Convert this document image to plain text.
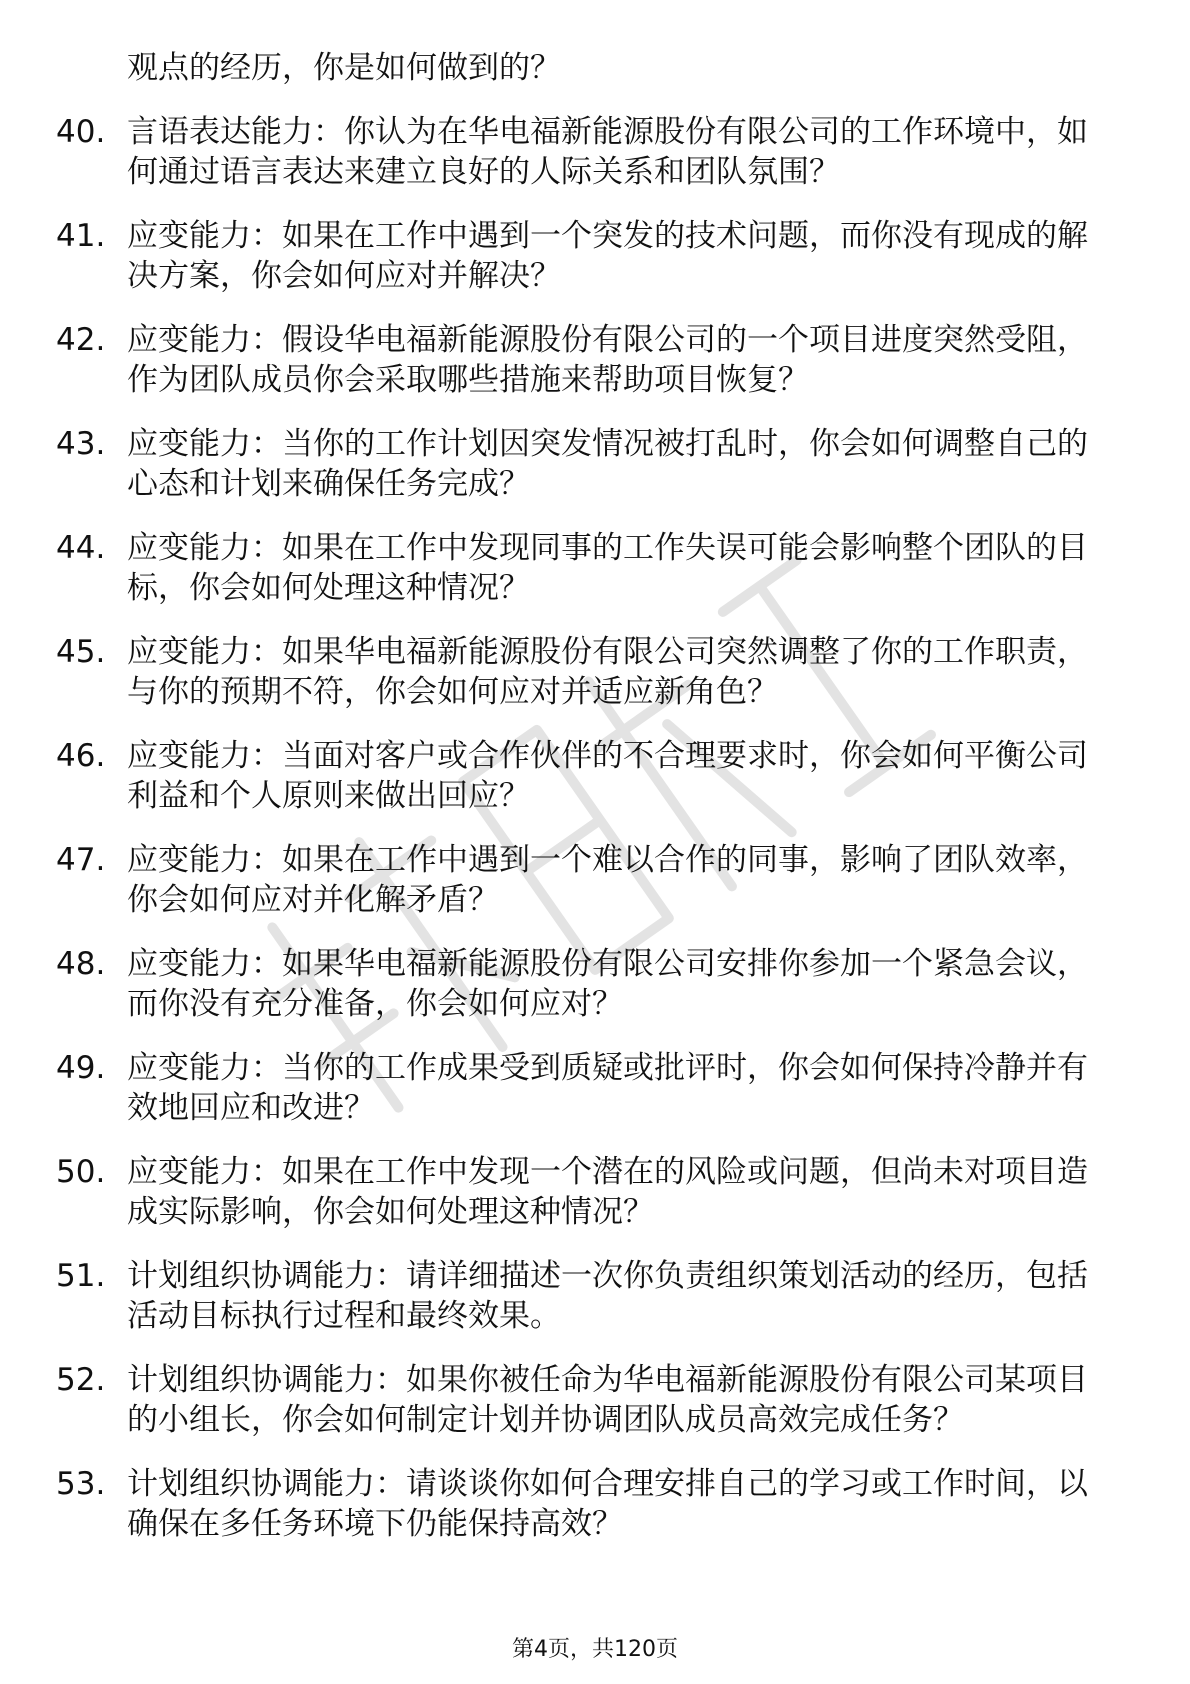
观点的经历，你是如何做到的？

40. 言语表达能力：你认为在华电福新能源股份有限公司的工作环境中，如何通过语言表达来建立良好的人际关系和团队氛围？
41. 应变能力：如果在工作中遇到一个突发的技术问题，而你没有现成的解决方案，你会如何应对并解决？
42. 应变能力：假设华电福新能源股份有限公司的一个项目进度突然受阻，作为团队成员你会采取哪些措施来帮助项目恢复？
43. 应变能力：当你的工作计划因突发情况被打乱时，你会如何调整自己的心态和计划来确保任务完成？
44. 应变能力：如果在工作中发现同事的工作失误可能会影响整个团队的目标，你会如何处理这种情况？
45. 应变能力：如果华电福新能源股份有限公司突然调整了你的工作职责，与你的预期不符，你会如何应对并适应新角色？
46. 应变能力：当面对客户或合作伙伴的不合理要求时，你会如何平衡公司利益和个人原则来做出回应？
47. 应变能力：如果在工作中遇到一个难以合作的同事，影响了团队效率，你会如何应对并化解矛盾？
48. 应变能力：如果华电福新能源股份有限公司安排你参加一个紧急会议，而你没有充分准备，你会如何应对？
49. 应变能力：当你的工作成果受到质疑或批评时，你会如何保持冷静并有效地回应和改进？
50. 应变能力：如果在工作中发现一个潜在的风险或问题，但尚未对项目造成实际影响，你会如何处理这种情况？
51. 计划组织协调能力：请详细描述一次你负责组织策划活动的经历，包括活动目标执行过程和最终效果。
52. 计划组织协调能力：如果你被任命为华电福新能源股份有限公司某项目的小组长，你会如何制定计划并协调团队成员高效完成任务？
53. 计划组织协调能力：请谈谈你如何合理安排自己的学习或工作时间，以确保在多任务环境下仍能保持高效？
第4页，共120页
